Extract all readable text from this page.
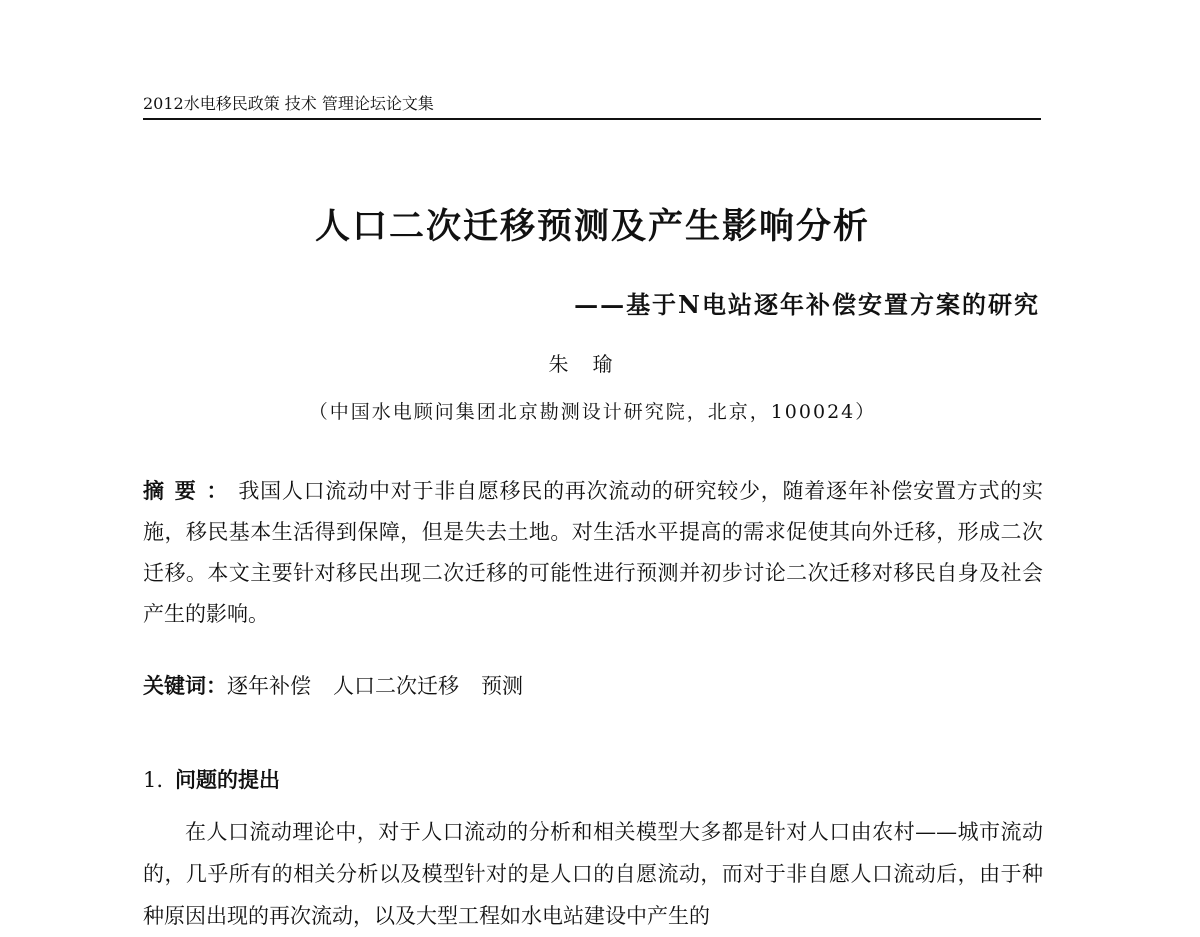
2012水电移民政策 技术 管理论坛论文集
人口二次迁移预测及产生影响分析
——基于N电站逐年补偿安置方案的研究
朱瑜
（中国水电顾问集团北京勘测设计研究院，北京，100024）
摘要：我国人口流动中对于非自愿移民的再次流动的研究较少，随着逐年补偿安置方式的实施，移民基本生活得到保障，但是失去土地。对生活水平提高的需求促使其向外迁移，形成二次迁移。本文主要针对移民出现二次迁移的可能性进行预测并初步讨论二次迁移对移民自身及社会产生的影响。
关键词：逐年补偿 人口二次迁移 预测
1. 问题的提出

在人口流动理论中，对于人口流动的分析和相关模型大多都是针对人口由农村——城市流动的，几乎所有的相关分析以及模型针对的是人口的自愿流动，而对于非自愿人口流动后，由于种种原因出现的再次流动，以及大型工程如水电站建设中产生的
